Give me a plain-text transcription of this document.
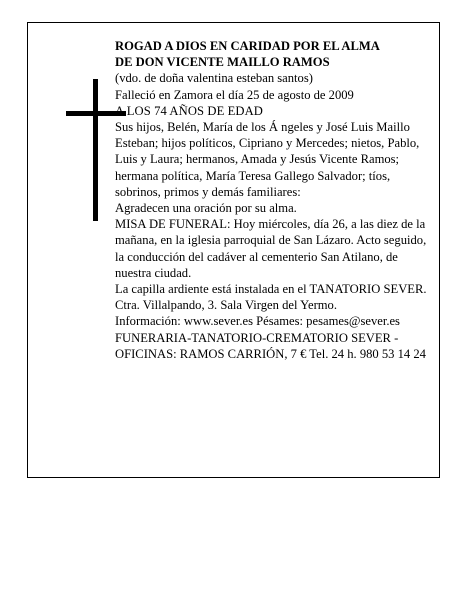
ROGAD A DIOS EN CARIDAD POR EL ALMA

DE DON VICENTE MAILLO RAMOS

(vdo. de doña valentina esteban santos)

Falleció en Zamora el día 25 de agosto de 2009

A LOS 74 AÑOS DE EDAD

Sus hijos, Belén, María de los Á ngeles y José Luis Maillo Esteban; hijos políticos, Cipriano y Mercedes; nietos, Pablo, Luis y Laura; hermanos, Amada y Jesús Vicente Ramos; hermana política, María Teresa Gallego Salvador; tíos, sobrinos, primos y demás familiares:

Agradecen una oración por su alma.

MISA DE FUNERAL: Hoy miércoles, día 26, a las diez de la mañana, en la iglesia parroquial de San Lázaro. Acto seguido, la conducción del cadáver al cementerio San Atilano, de nuestra ciudad.

La capilla ardiente está instalada en el TANATORIO SEVER. Ctra. Villalpando, 3. Sala Virgen del Yermo.

Información: www.sever.es Pésames: pesames@sever.es

FUNERARIA-TANATORIO-CREMATORIO SEVER - OFICINAS: RAMOS CARRIÓN, 7 € Tel. 24 h. 980 53 14 24
